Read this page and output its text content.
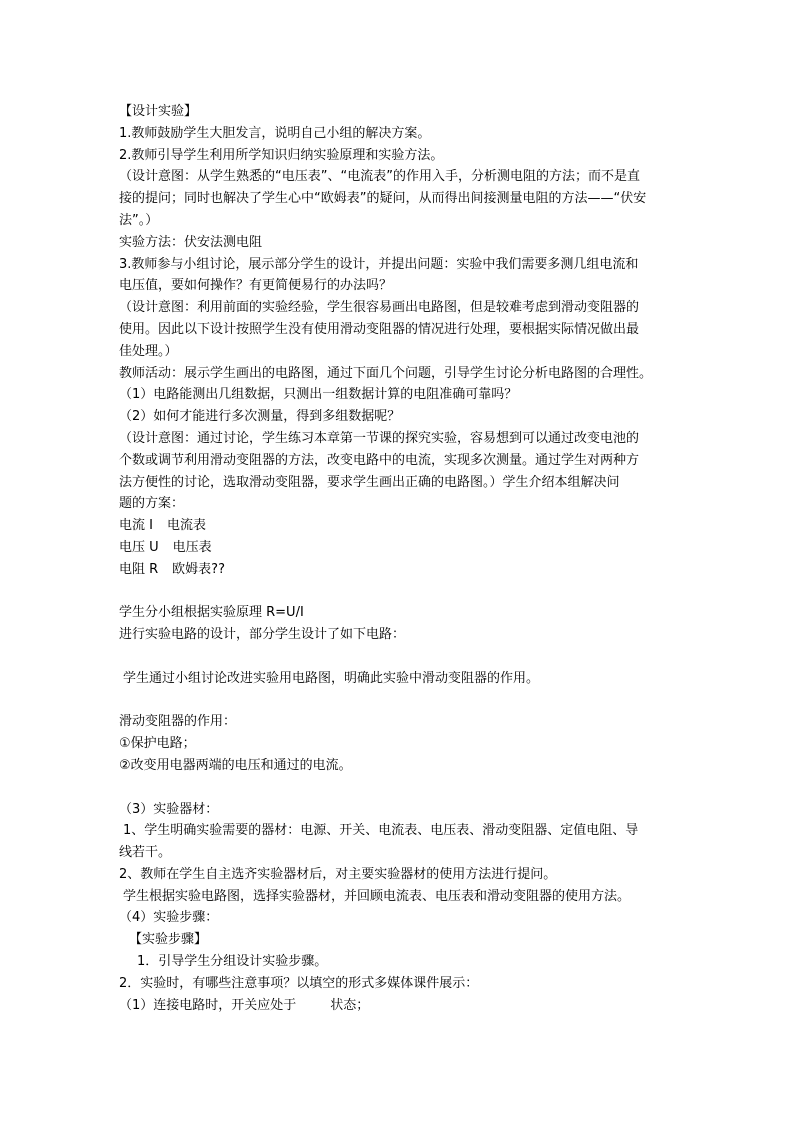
【设计实验】
1.教师鼓励学生大胆发言，说明自己小组的解决方案。
2.教师引导学生利用所学知识归纳实验原理和实验方法。
（设计意图：从学生熟悉的“电压表”、“电流表”的作用入手，分析测电阻的方法；而不是直
接的提问；同时也解决了学生心中“欧姆表”的疑问，从而得出间接测量电阻的方法——“伏安
法”。）
实验方法：伏安法测电阻
3.教师参与小组讨论，展示部分学生的设计，并提出问题：实验中我们需要多测几组电流和
电压值，要如何操作？有更简便易行的办法吗？
（设计意图：利用前面的实验经验，学生很容易画出电路图，但是较难考虑到滑动变阻器的
使用。因此以下设计按照学生没有使用滑动变阻器的情况进行处理，要根据实际情况做出最
佳处理。）
教师活动：展示学生画出的电路图，通过下面几个问题，引导学生讨论分析电路图的合理性。
（1）电路能测出几组数据，只测出一组数据计算的电阻准确可靠吗？
（2）如何才能进行多次测量，得到多组数据呢？
（设计意图：通过讨论，学生练习本章第一节课的探究实验，容易想到可以通过改变电池的
个数或调节利用滑动变阻器的方法，改变电路中的电流，实现多次测量。通过学生对两种方
法方便性的讨论，选取滑动变阻器，要求学生画出正确的电路图。）学生介绍本组解决问
题的方案：
电流 I 电流表
电压 U 电压表
电阻 R 欧姆表??
学生分小组根据实验原理 R=U/I
进行实验电路的设计，部分学生设计了如下电路：
学生通过小组讨论改进实验用电路图，明确此实验中滑动变阻器的作用。
滑动变阻器的作用：
①保护电路；
②改变用电器两端的电压和通过的电流。
（3）实验器材：
1、学生明确实验需要的器材：电源、开关、电流表、电压表、滑动变阻器、定值电阻、导
线若干。
2、教师在学生自主选齐实验器材后，对主要实验器材的使用方法进行提问。
学生根据实验电路图，选择实验器材，并回顾电流表、电压表和滑动变阻器的使用方法。
（4）实验步骤：
【实验步骤】
1．引导学生分组设计实验步骤。
2．实验时，有哪些注意事项？以填空的形式多媒体课件展示：
（1）连接电路时，开关应处于	状态；
